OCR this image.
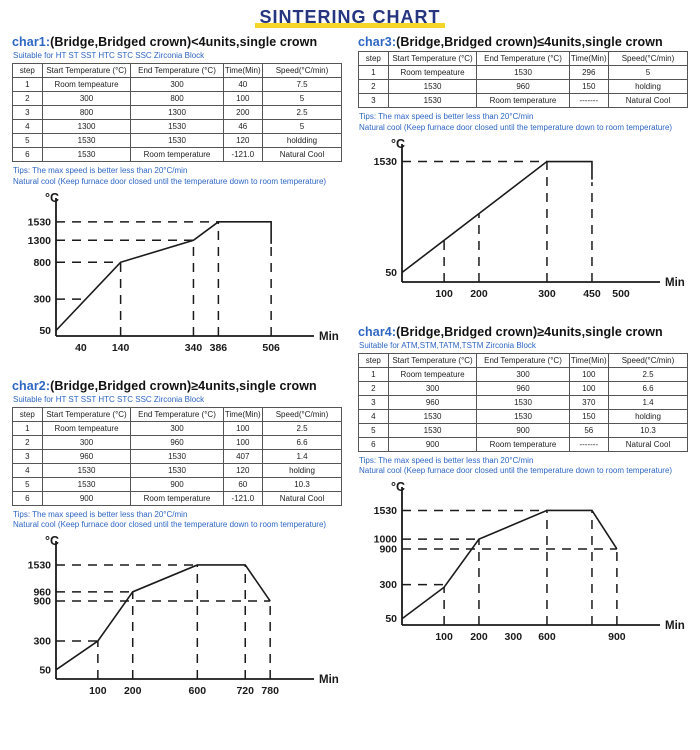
SINTERING CHART
char1:(Bridge,Bridged crown)<4units,single crown
Suitable for HT ST SST HTC STC SSC Zirconia Block
step	Start Temperature (°C)	End Temperature (°C)	Time(Min)	Speed(°C/min)
1	Room tempeature	300	40	7.5
2	300	800	100	5
3	800	1300	200	2.5
4	1300	1530	46	5
5	1530	1530	120	holdding
6	1530	Room temperature	-121.0	Natural Cool
Tips: The max speed is better less than 20°C/min
Natural cool (Keep furnace door closed until the temperature down to room temperature)
°C
Min
1530
1300
800
300
50
40 140	340 386	506
char2:(Bridge,Bridged crown)≥4units,single crown
Suitable for HT ST SST HTC STC SSC Zirconia Block
step	Start Temperature (°C)	End Temperature (°C)	Time(Min)	Speed(°C/min)
1	Room tempeature	300	100	2.5
2	300	960	100	6.6
3	960	1530	407	1.4
4	1530	1530	120	holding
5	1530	900	60	10.3
6	900	Room temperature	-121.0	Natural Cool
Tips: The max speed is better less than 20°C/min
Natural cool (Keep furnace door closed until the temperature down to room temperature)
°C
Min
1530
960
900
300
50
100 200	600	720 780
char3:(Bridge,Bridged crown)≤4units,single crown
step	Start Temperature (°C)	End Temperature (°C)	Time(Min)	Speed(°C/min)
1	Room tempeature	1530	296	5
2	1530	960	150	holding
3	1530	Room temperature	-------	Natural Cool
Tips: The max speed is better less than 20°C/min
Natural cool (Keep furnace door closed until the temperature down to room temperature)
°C
Min
1530
50
100 200	300	450 500
char4:(Bridge,Bridged crown)≥4units,single crown
Suitable for ATM,STM,TATM,TSTM Zirconia Block
step	Start Temperature (°C)	End Temperature (°C)	Time(Min)	Speed(°C/min)
1	Room tempeature	300	100	2.5
2	300	960	100	6.6
3	960	1530	370	1.4
4	1530	1530	150	holding
5	1530	900	56	10.3
6	900	Room temperature	-------	Natural Cool
Tips: The max speed is better less than 20°C/min
Natural cool (Keep furnace door closed until the temperature down to room temperature)
°C
Min
1530
1000
900
300
50
100 200 300 600	900
